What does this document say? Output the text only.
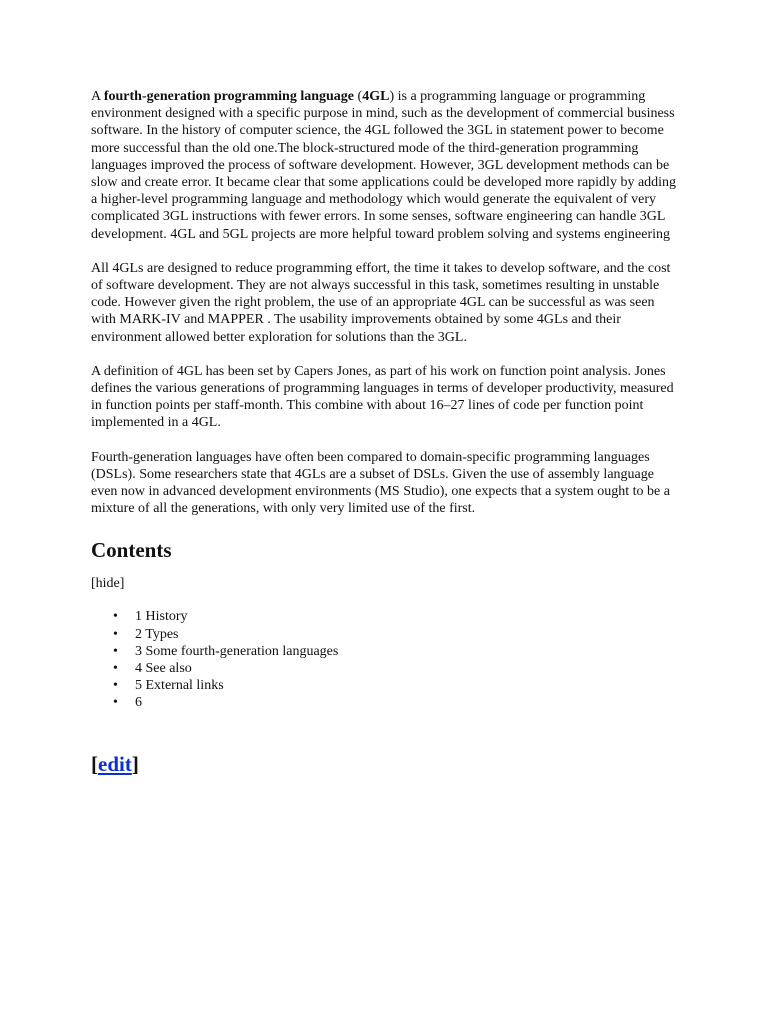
A fourth-generation programming language (4GL) is a programming language or programming environment designed with a specific purpose in mind, such as the development of commercial business software. In the history of computer science, the 4GL followed the 3GL in statement power to become more successful than the old one.The block-structured mode of the third-generation programming languages improved the process of software development. However, 3GL development methods can be slow and create error. It became clear that some applications could be developed more rapidly by adding a higher-level programming language and methodology which would generate the equivalent of very complicated 3GL instructions with fewer errors. In some senses, software engineering can handle 3GL development. 4GL and 5GL projects are more helpful toward problem solving and systems engineering

All 4GLs are designed to reduce programming effort, the time it takes to develop software, and the cost of software development. They are not always successful in this task, sometimes resulting in unstable code. However given the right problem, the use of an appropriate 4GL can be successful as was seen with MARK-IV and MAPPER . The usability improvements obtained by some 4GLs and their environment allowed better exploration for solutions than the 3GL.

A definition of 4GL has been set by Capers Jones, as part of his work on function point analysis. Jones defines the various generations of programming languages in terms of developer productivity, measured in function points per staff-month. This combine with about 16–27 lines of code per function point implemented in a 4GL.

Fourth-generation languages have often been compared to domain-specific programming languages (DSLs). Some researchers state that 4GLs are a subset of DSLs. Given the use of assembly language even now in advanced development environments (MS Studio), one expects that a system ought to be a mixture of all the generations, with only very limited use of the first.

Contents
[hide]
• 1 History
• 2 Types
• 3 Some fourth-generation languages
• 4 See also
• 5 External links
• 6
[edit]
